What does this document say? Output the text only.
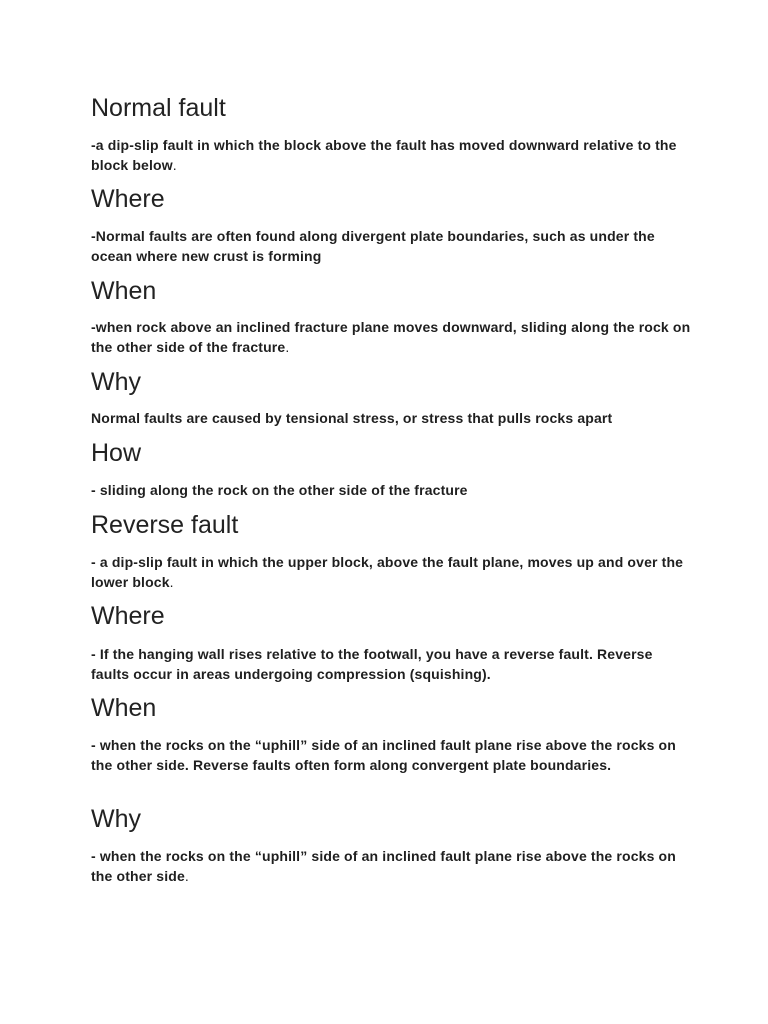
Normal fault

-a dip-slip fault in which the block above the fault has moved downward relative to the block below.

Where

-Normal faults are often found along divergent plate boundaries, such as under the ocean where new crust is forming

When

-when rock above an inclined fracture plane moves downward, sliding along the rock on the other side of the fracture.

Why

Normal faults are caused by tensional stress, or stress that pulls rocks apart

How

- sliding along the rock on the other side of the fracture

Reverse fault

- a dip-slip fault in which the upper block, above the fault plane, moves up and over the lower block.

Where

- If the hanging wall rises relative to the footwall, you have a reverse fault. Reverse faults occur in areas undergoing compression (squishing).

When

- when the rocks on the “uphill” side of an inclined fault plane rise above the rocks on the other side. Reverse faults often form along convergent plate boundaries.

Why

- when the rocks on the “uphill” side of an inclined fault plane rise above the rocks on the other side.
